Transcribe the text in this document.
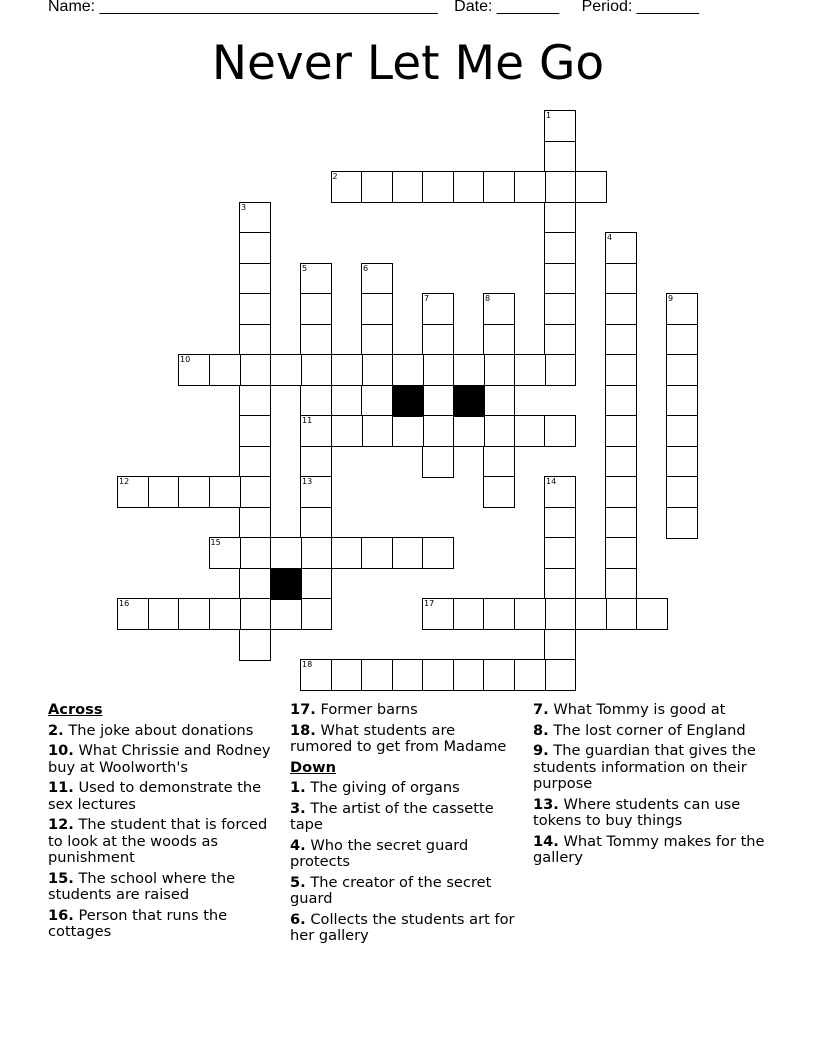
Name: ______________________________________ Date: _______ Period: _______
Never Let Me Go
1
2
3
4
5
11
13
6
7	8	9
10
12	14
15
16	17
18
Across
2. The joke about donations
10. What Chrissie and Rodney buy at Woolworth's
11. Used to demonstrate the sex lectures
12. The student that is forced to look at the woods as punishment
15. The school where the students are raised
16. Person that runs the cottages
17. Former barns
18. What students are rumored to get from Madame
Down
1. The giving of organs
3. The artist of the cassette tape
4. Who the secret guard protects
5. The creator of the secret guard
6. Collects the students art for her gallery
7. What Tommy is good at
8. The lost corner of England
9. The guardian that gives the students information on their purpose
13. Where students can use tokens to buy things
14. What Tommy makes for the gallery
